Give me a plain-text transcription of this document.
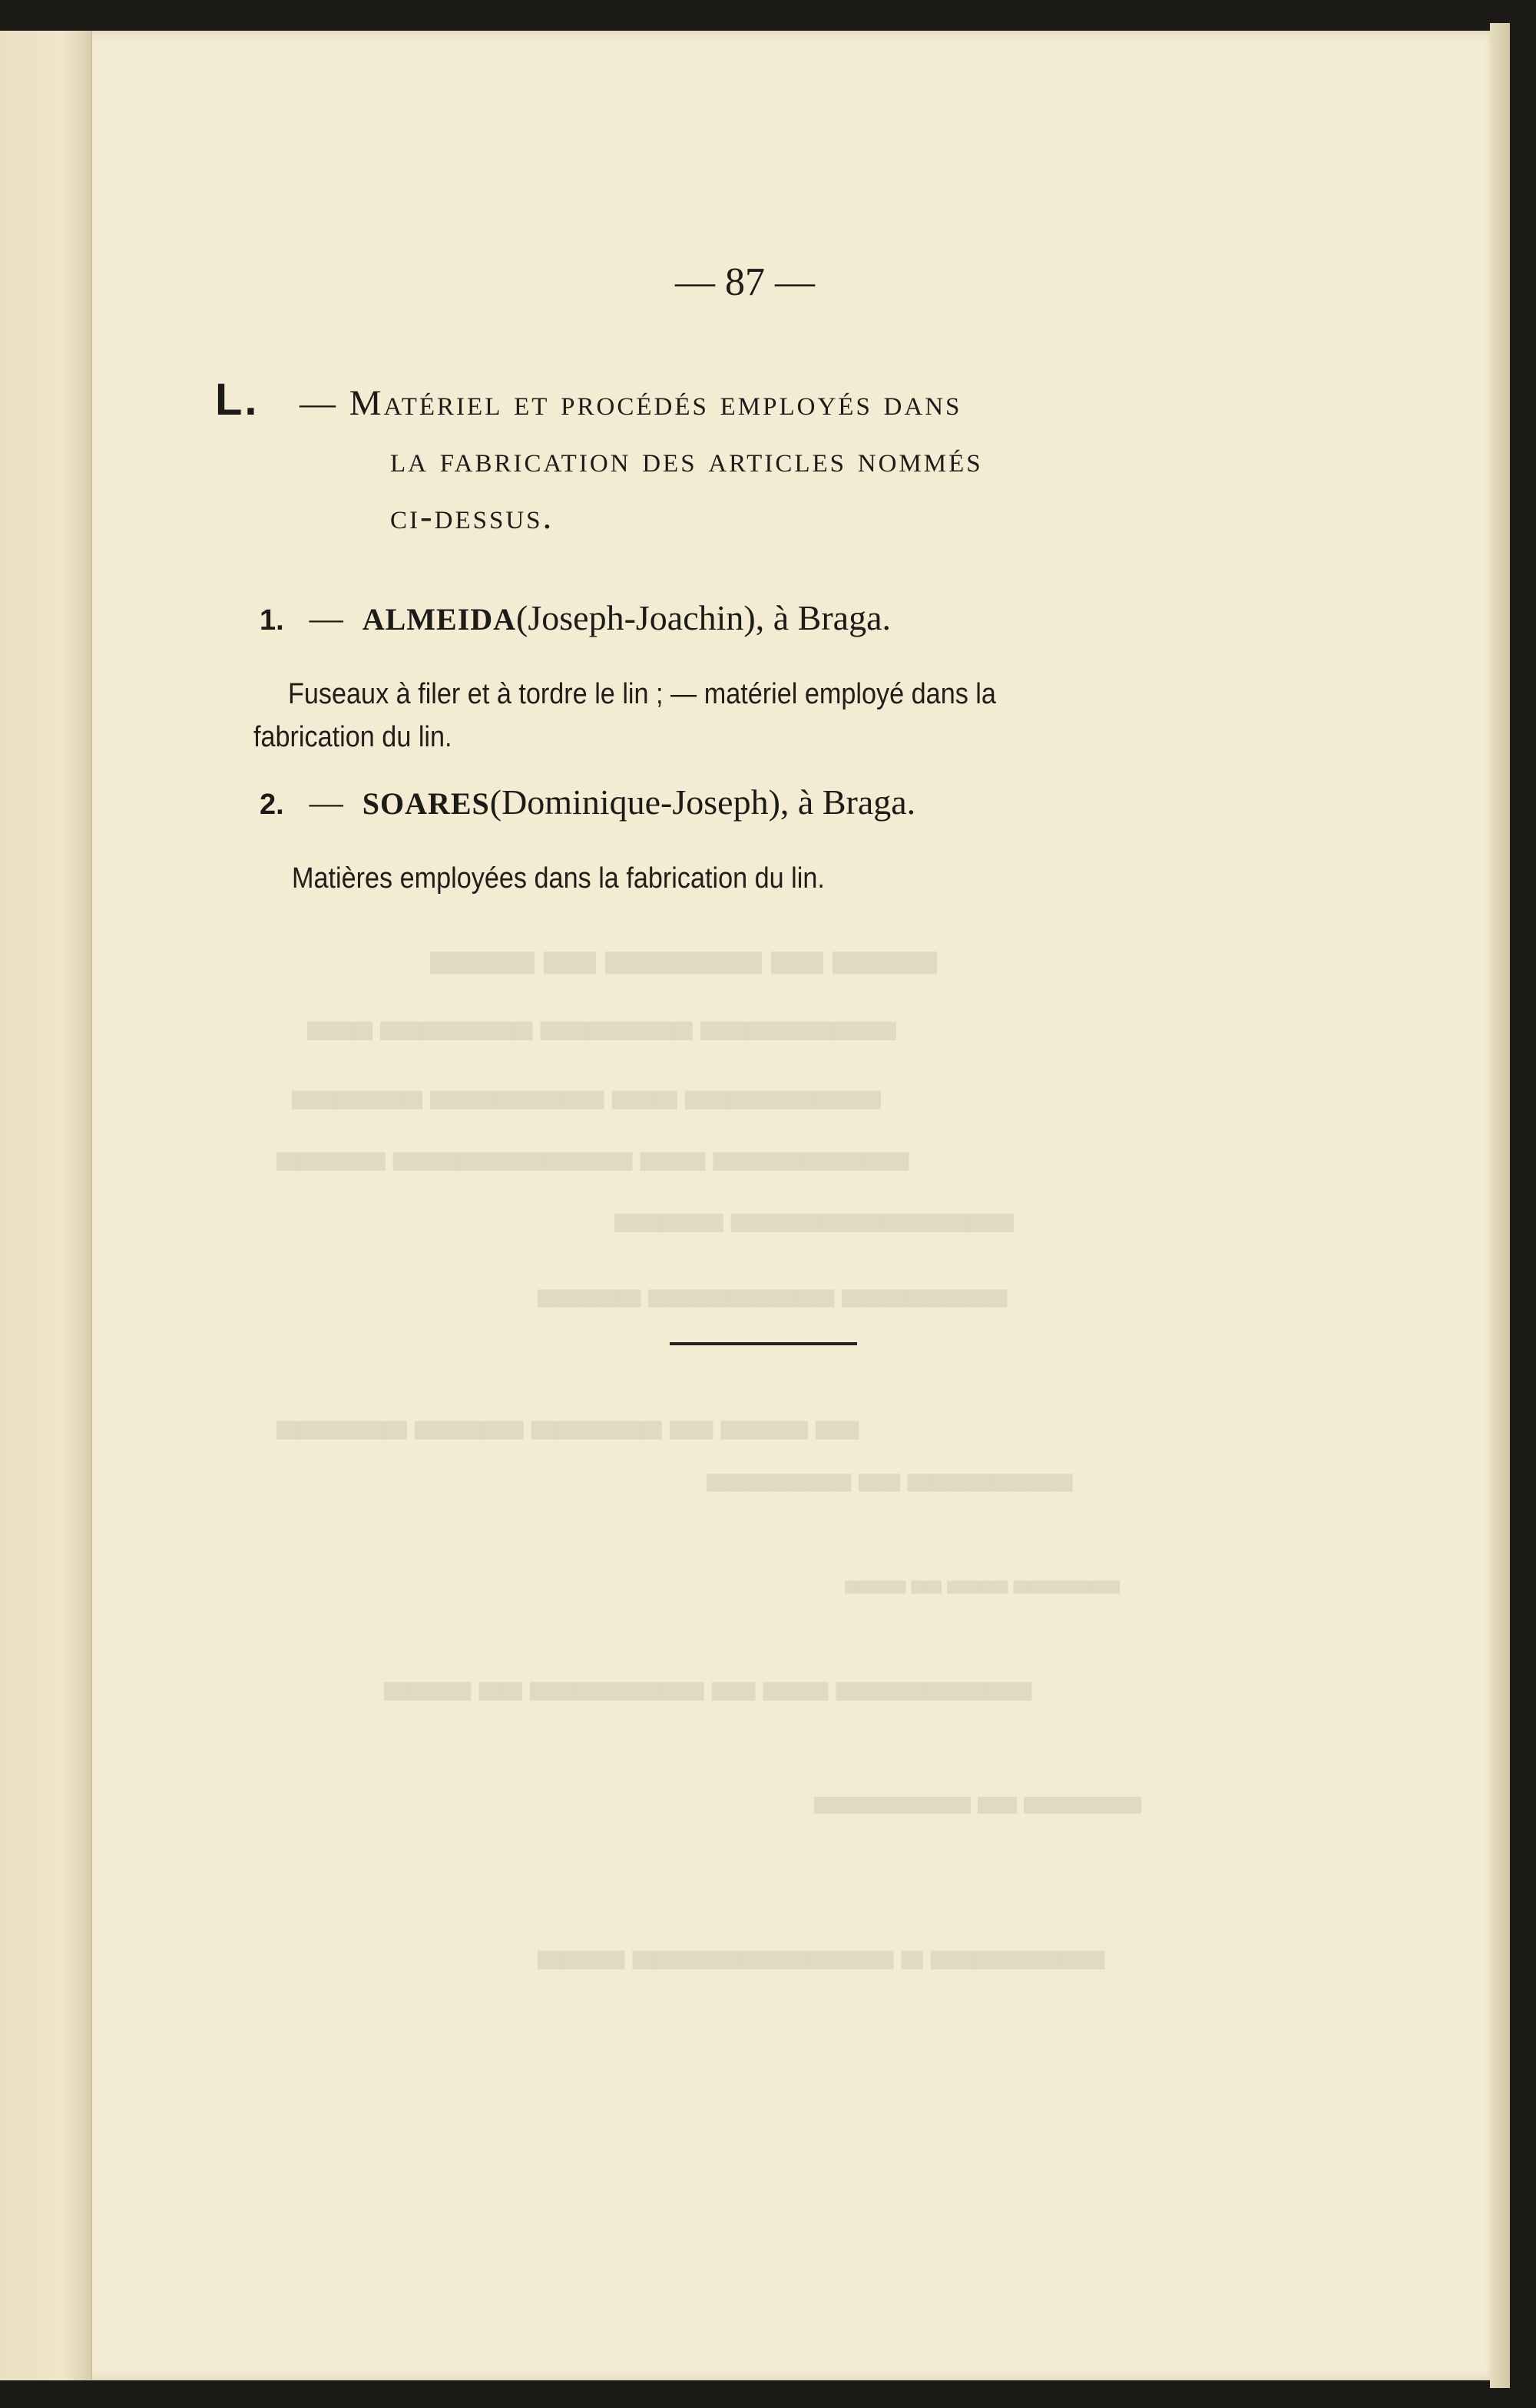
▀▀▀▀ ▀▀ ▀▀▀▀▀▀ ▀▀ ▀▀▀▀
▀▀▀▀▀▀▀▀▀ ▀▀▀▀▀▀▀ ▀▀▀▀▀▀▀ ▀▀▀
▀▀▀▀▀▀▀▀▀ ▀▀▀ ▀▀▀▀▀▀▀▀ ▀▀▀▀▀▀
▀▀▀▀▀▀▀▀▀ ▀▀▀ ▀▀▀▀▀▀▀▀▀▀▀ ▀▀▀▀▀
▀▀▀▀▀▀▀▀▀▀▀▀▀ ▀▀▀▀▀
▀▀▀▀▀▀▀▀ ▀▀▀▀▀▀▀▀▀ ▀▀▀▀▀
▀▀ ▀▀▀▀ ▀▀ ▀▀▀▀▀▀ ▀▀▀▀▀ ▀▀▀▀▀▀
▀▀▀▀▀▀▀▀ ▀▀ ▀▀▀▀▀▀▀
▀▀▀▀▀▀▀ ▀▀▀▀ ▀▀ ▀▀▀▀
▀▀▀▀▀▀▀▀▀ ▀▀▀ ▀▀ ▀▀▀▀▀▀▀▀ ▀▀ ▀▀▀▀
▀▀▀▀▀▀ ▀▀ ▀▀▀▀▀▀▀▀
▀▀▀▀▀▀▀▀ ▀ ▀▀▀▀▀▀▀▀▀▀▀▀ ▀▀▀▀
— 87 —
L. — Matériel et procédés employés dans
la fabrication des articles nommés
ci-dessus.
1. — ALMEIDA(Joseph-Joachin), à Braga.
Fuseaux à filer et à tordre le lin ; — matériel employé dans la
fabrication du lin.
2. — SOARES(Dominique-Joseph), à Braga.
Matières employées dans la fabrication du lin.
